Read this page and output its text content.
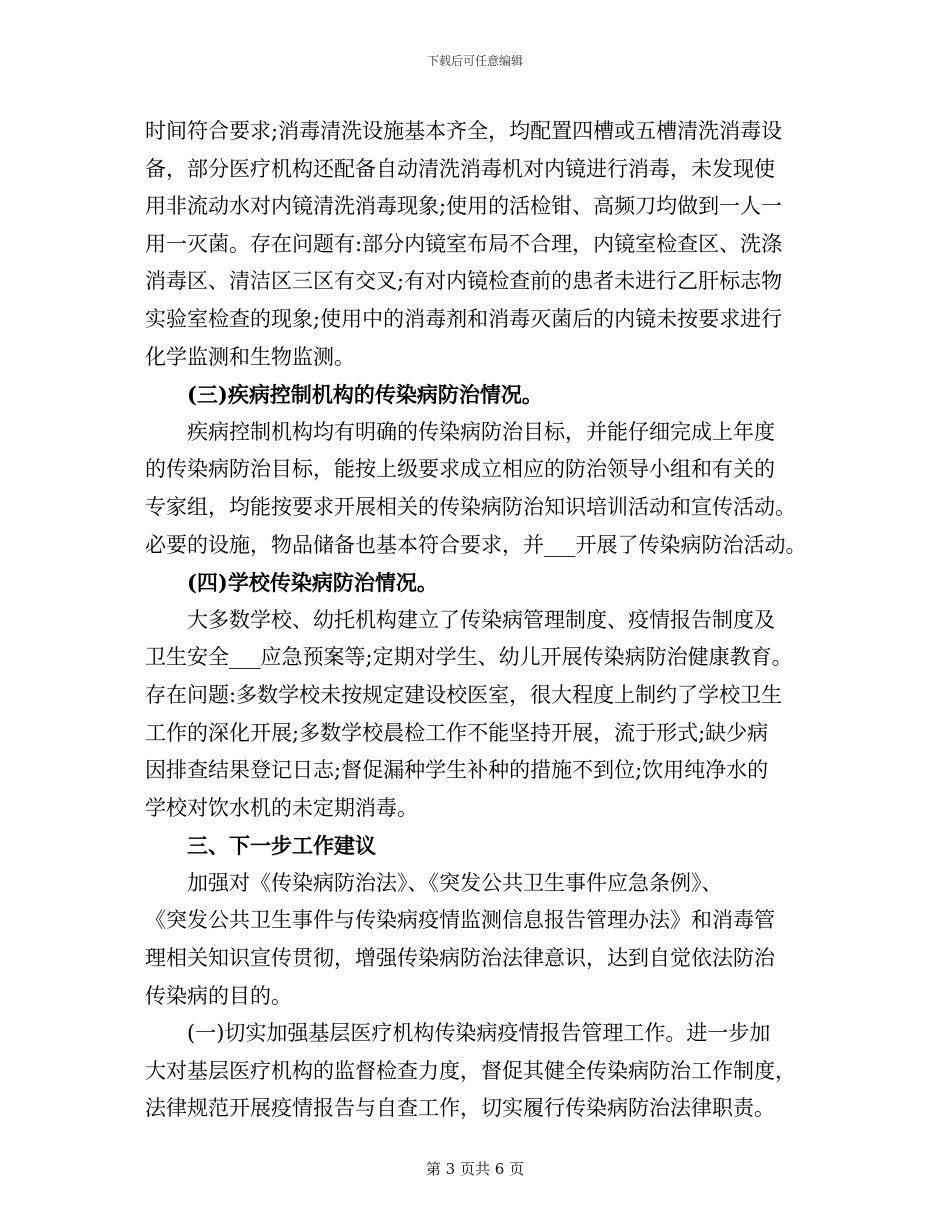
下载后可任意编辑
时间符合要求;消毒清洗设施基本齐全，均配置四槽或五槽清洗消毒设
备，部分医疗机构还配备自动清洗消毒机对内镜进行消毒，未发现使
用非流动水对内镜清洗消毒现象;使用的活检钳、高频刀均做到一人一
用一灭菌。存在问题有:部分内镜室布局不合理，内镜室检查区、洗涤
消毒区、清洁区三区有交叉;有对内镜检查前的患者未进行乙肝标志物
实验室检查的现象;使用中的消毒剂和消毒灭菌后的内镜未按要求进行
化学监测和生物监测。
(三)疾病控制机构的传染病防治情况。
疾病控制机构均有明确的传染病防治目标，并能仔细完成上年度
的传染病防治目标，能按上级要求成立相应的防治领导小组和有关的
专家组，均能按要求开展相关的传染病防治知识培训活动和宣传活动。
必要的设施，物品储备也基本符合要求，并___开展了传染病防治活动。
(四)学校传染病防治情况。
大多数学校、幼托机构建立了传染病管理制度、疫情报告制度及
卫生安全___应急预案等;定期对学生、幼儿开展传染病防治健康教育。
存在问题:多数学校未按规定建设校医室，很大程度上制约了学校卫生
工作的深化开展;多数学校晨检工作不能坚持开展，流于形式;缺少病
因排查结果登记日志;督促漏种学生补种的措施不到位;饮用纯净水的
学校对饮水机的未定期消毒。
三、下一步工作建议
加强对《传染病防治法》、《突发公共卫生事件应急条例》、
《突发公共卫生事件与传染病疫情监测信息报告管理办法》和消毒管
理相关知识宣传贯彻，增强传染病防治法律意识，达到自觉依法防治
传染病的目的。
(一)切实加强基层医疗机构传染病疫情报告管理工作。进一步加
大对基层医疗机构的监督检查力度，督促其健全传染病防治工作制度，
法律规范开展疫情报告与自查工作，切实履行传染病防治法律职责。
第 3 页共 6 页
